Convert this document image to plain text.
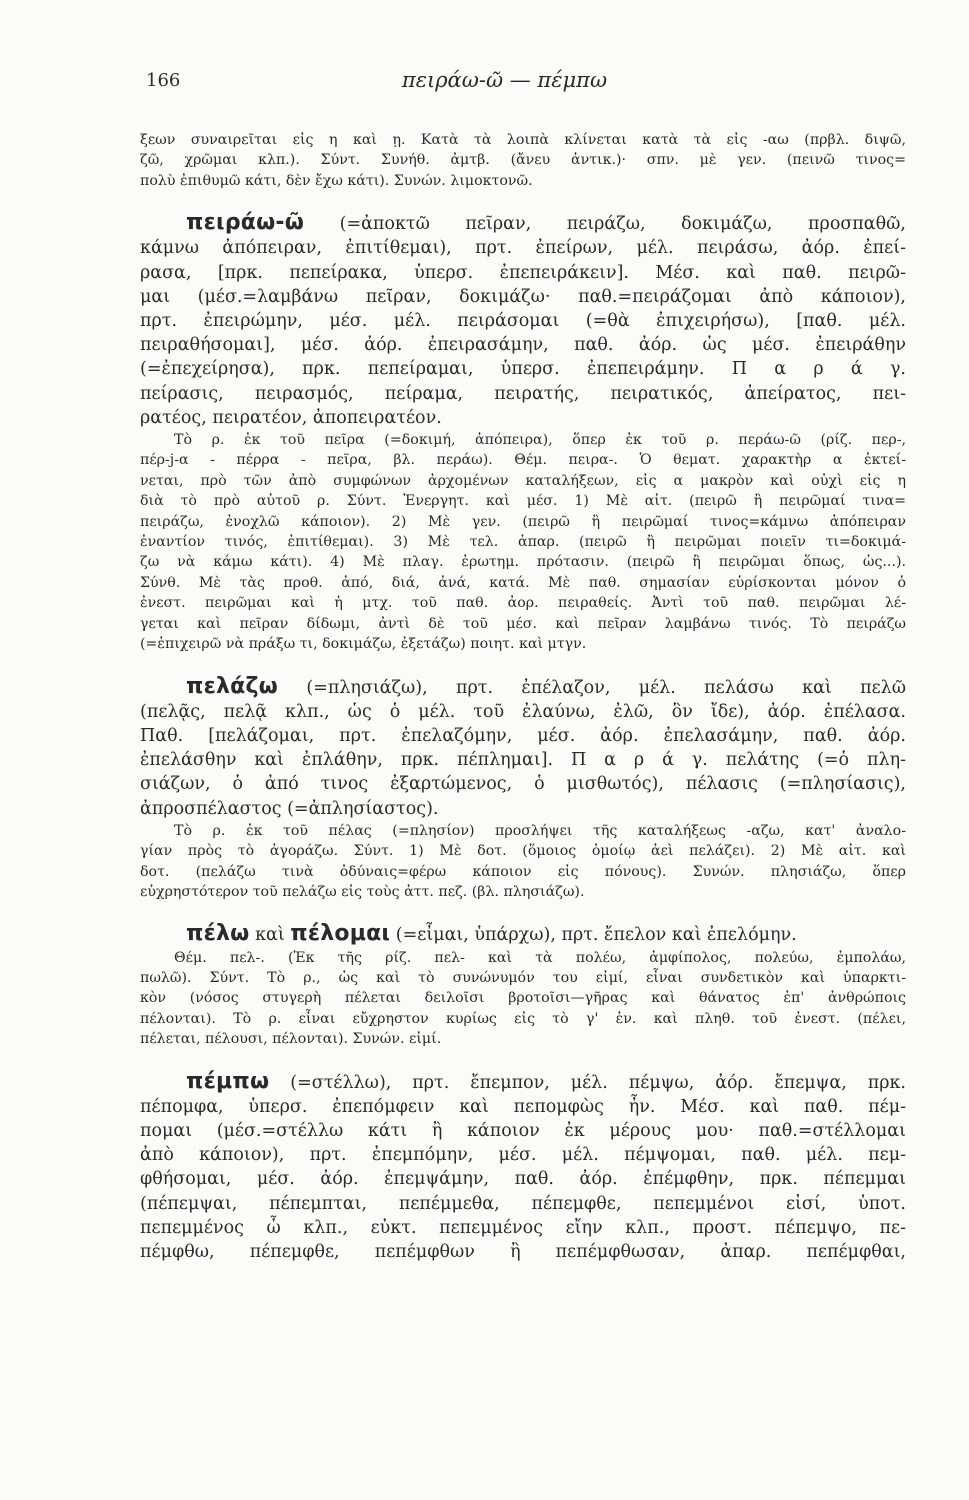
166	πειράω-ῶ — πέμπω
ξεων συναιρεῖται εἰς η καὶ ῃ. Κατὰ τὰ λοιπὰ κλίνεται κατὰ τὰ εἰς -αω (πρβλ. διψῶ,
ζῶ, χρῶμαι κλπ.). Σύντ. Συνήθ. ἀμτβ. (ἄνευ ἀντικ.)· σπν. μὲ γεν. (πεινῶ τινος=
πολὺ ἐπιθυμῶ κάτι, δὲν ἔχω κάτι). Συνών. λιμοκτονῶ.
πειράω-ῶ (=ἀποκτῶ πεῖραν, πειράζω, δοκιμάζω, προσπαθῶ,
κάμνω ἀπόπειραν, ἐπιτίθεμαι), πρτ. ἐπείρων, μέλ. πειράσω, ἀόρ. ἐπεί-
ρασα, [πρκ. πεπείρακα, ὑπερσ. ἐπεπειράκειν]. Μέσ. καὶ παθ. πειρῶ-
μαι (μέσ.=λαμβάνω πεῖραν, δοκιμάζω· παθ.=πειράζομαι ἀπὸ κάποιον),
πρτ. ἐπειρώμην, μέσ. μέλ. πειράσομαι (=θὰ ἐπιχειρήσω), [παθ. μέλ.
πειραθήσομαι], μέσ. ἀόρ. ἐπειρασάμην, παθ. ἀόρ. ὡς μέσ. ἐπειράθην
(=ἐπεχείρησα), πρκ. πεπείραμαι, ὑπερσ. ἐπεπειράμην. Π α ρ ά γ.
πείρασις, πειρασμός, πείραμα, πειρατής, πειρατικός, ἀπείρατος, πει-
ρατέος, πειρατέον, ἀποπειρατέον.
Τὸ ρ. ἐκ τοῦ πεῖρα (=δοκιμή, ἀπόπειρα), ὅπερ ἐκ τοῦ ρ. περάω-ῶ (ρίζ. περ-,
πέρ-j-α - πέρρα - πεῖρα, βλ. περάω). Θέμ. πειρα-. Ὁ θεματ. χαρακτὴρ α ἐκτεί-
νεται, πρὸ τῶν ἀπὸ συμφώνων ἀρχομένων καταλήξεων, εἰς α μακρὸν καὶ οὐχὶ εἰς η
διὰ τὸ πρὸ αὐτοῦ ρ. Σύντ. Ἐνεργητ. καὶ μέσ. 1) Μὲ αἰτ. (πειρῶ ἢ πειρῶμαί τινα=
πειράζω, ἐνοχλῶ κάποιον). 2) Μὲ γεν. (πειρῶ ἢ πειρῶμαί τινος=κάμνω ἀπόπειραν
ἐναντίον τινός, ἐπιτίθεμαι). 3) Μὲ τελ. ἀπαρ. (πειρῶ ἢ πειρῶμαι ποιεῖν τι=δοκιμά-
ζω νὰ κάμω κάτι). 4) Μὲ πλαγ. ἐρωτημ. πρότασιν. (πειρῶ ἢ πειρῶμαι ὅπως, ὡς...).
Σύνθ. Μὲ τὰς προθ. ἀπό, διά, ἀνά, κατά. Μὲ παθ. σημασίαν εὑρίσκονται μόνον ὁ
ἐνεστ. πειρῶμαι καὶ ἡ μτχ. τοῦ παθ. ἀορ. πειραθείς. Ἀντὶ τοῦ παθ. πειρῶμαι λέ-
γεται καὶ πεῖραν δίδωμι, ἀντὶ δὲ τοῦ μέσ. καὶ πεῖραν λαμβάνω τινός. Τὸ πειράζω
(=ἐπιχειρῶ νὰ πράξω τι, δοκιμάζω, ἐξετάζω) ποιητ. καὶ μτγν.
πελάζω (=πλησιάζω), πρτ. ἐπέλαζον, μέλ. πελάσω καὶ πελῶ
(πελᾷς, πελᾷ κλπ., ὡς ὁ μέλ. τοῦ ἐλαύνω, ἐλῶ, ὃν ἴδε), ἀόρ. ἐπέλασα.
Παθ. [πελάζομαι, πρτ. ἐπελαζόμην, μέσ. ἀόρ. ἐπελασάμην, παθ. ἀόρ.
ἐπελάσθην καὶ ἐπλάθην, πρκ. πέπλημαι]. Π α ρ ά γ. πελάτης (=ὁ πλη-
σιάζων, ὁ ἀπό τινος ἐξαρτώμενος, ὁ μισθωτός), πέλασις (=πλησίασις),
ἀπροσπέλαστος (=ἀπλησίαστος).
Τὸ ρ. ἐκ τοῦ πέλας (=πλησίον) προσλήψει τῆς καταλήξεως -αζω, κατ' ἀναλο-
γίαν πρὸς τὸ ἀγοράζω. Σύντ. 1) Μὲ δοτ. (ὅμοιος ὁμοίῳ ἀεὶ πελάζει). 2) Μὲ αἰτ. καὶ
δοτ. (πελάζω τινὰ ὀδύναις=φέρω κάποιον εἰς πόνους). Συνών. πλησιάζω, ὅπερ
εὐχρηστότερον τοῦ πελάζω εἰς τοὺς ἀττ. πεζ. (βλ. πλησιάζω).
πέλω καὶ πέλομαι (=εἶμαι, ὑπάρχω), πρτ. ἔπελον καὶ ἐπελόμην.
Θέμ. πελ-. (Ἐκ τῆς ρίζ. πελ- καὶ τὰ πολέω, ἀμφίπολος, πολεύω, ἐμπολάω,
πωλῶ). Σύντ. Τὸ ρ., ὡς καὶ τὸ συνώνυμόν του εἰμί, εἶναι συνδετικὸν καὶ ὑπαρκτι-
κὸν (νόσος στυγερὴ πέλεται δειλοῖσι βροτοῖσι—γῆρας καὶ θάνατος ἐπ' ἀνθρώποις
πέλονται). Τὸ ρ. εἶναι εὔχρηστον κυρίως εἰς τὸ γ' ἑν. καὶ πληθ. τοῦ ἐνεστ. (πέλει,
πέλεται, πέλουσι, πέλονται). Συνών. εἰμί.
πέμπω (=στέλλω), πρτ. ἔπεμπον, μέλ. πέμψω, ἀόρ. ἔπεμψα, πρκ.
πέπομφα, ὑπερσ. ἐπεπόμφειν καὶ πεπομφὼς ἦν. Μέσ. καὶ παθ. πέμ-
πομαι (μέσ.=στέλλω κάτι ἢ κάποιον ἐκ μέρους μου· παθ.=στέλλομαι
ἀπὸ κάποιον), πρτ. ἐπεμπόμην, μέσ. μέλ. πέμψομαι, παθ. μέλ. πεμ-
φθήσομαι, μέσ. ἀόρ. ἐπεμψάμην, παθ. ἀόρ. ἐπέμφθην, πρκ. πέπεμμαι
(πέπεμψαι, πέπεμπται, πεπέμμεθα, πέπεμφθε, πεπεμμένοι εἰσί, ὑποτ.
πεπεμμένος ὦ κλπ., εὐκτ. πεπεμμένος εἴην κλπ., προστ. πέπεμψο, πε-
πέμφθω, πέπεμφθε, πεπέμφθων ἢ πεπέμφθωσαν, ἀπαρ. πεπέμφθαι,
